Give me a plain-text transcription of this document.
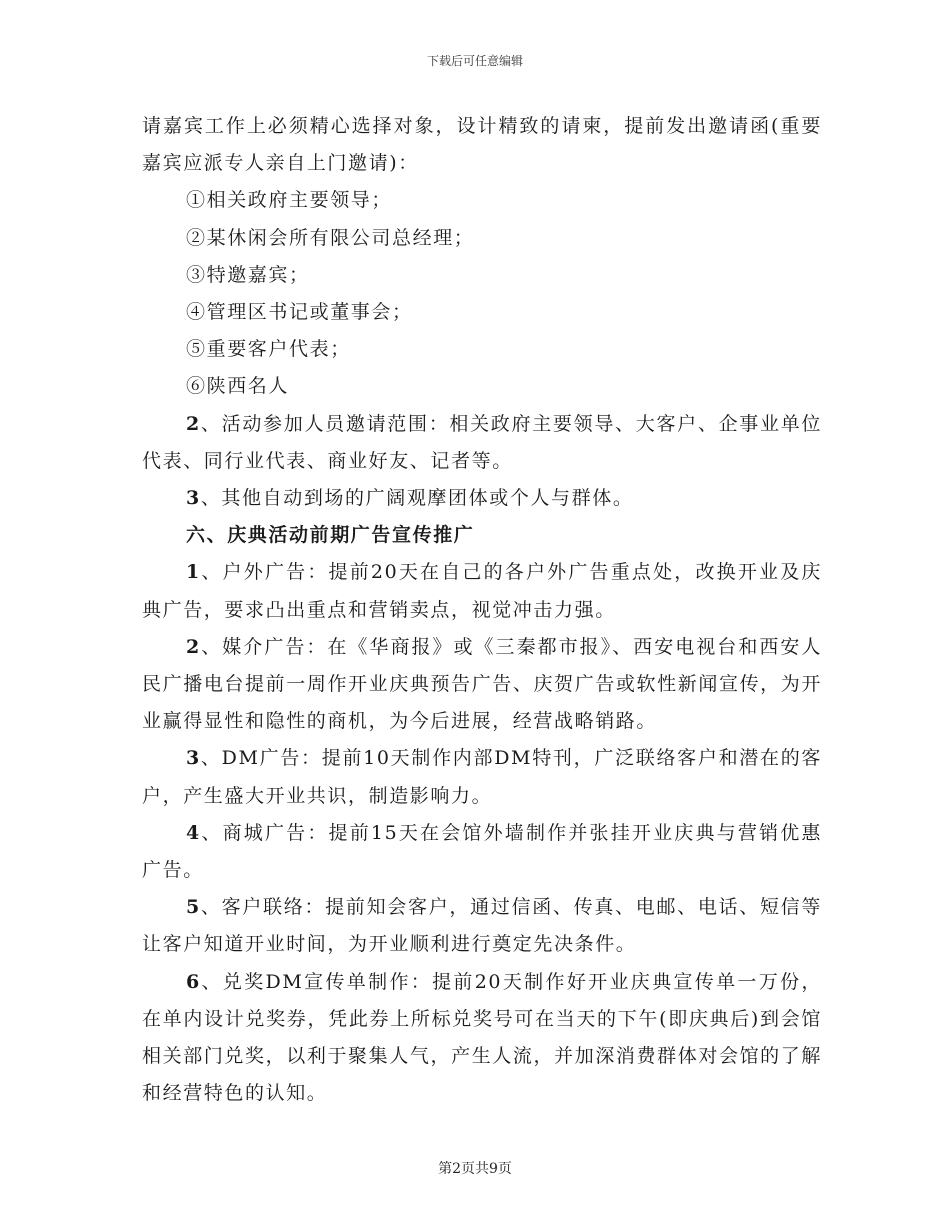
下载后可任意编辑

请嘉宾工作上必须精心选择对象，设计精致的请柬，提前发出邀请函(重要嘉宾应派专人亲自上门邀请)：

①相关政府主要领导；

②某休闲会所有限公司总经理；

③特邀嘉宾；

④管理区书记或董事会；

⑤重要客户代表；

⑥陕西名人

2、活动参加人员邀请范围：相关政府主要领导、大客户、企事业单位代表、同行业代表、商业好友、记者等。

3、其他自动到场的广阔观摩团体或个人与群体。

六、庆典活动前期广告宣传推广

1、户外广告：提前20天在自己的各户外广告重点处，改换开业及庆典广告，要求凸出重点和营销卖点，视觉冲击力强。

2、媒介广告：在《华商报》或《三秦都市报》、西安电视台和西安人民广播电台提前一周作开业庆典预告广告、庆贺广告或软性新闻宣传，为开业赢得显性和隐性的商机，为今后进展，经营战略销路。

3、DM广告：提前10天制作内部DM特刊，广泛联络客户和潜在的客户，产生盛大开业共识，制造影响力。

4、商城广告：提前15天在会馆外墙制作并张挂开业庆典与营销优惠广告。

5、客户联络：提前知会客户，通过信函、传真、电邮、电话、短信等让客户知道开业时间，为开业顺利进行奠定先决条件。

6、兑奖DM宣传单制作：提前20天制作好开业庆典宣传单一万份，在单内设计兑奖券，凭此券上所标兑奖号可在当天的下午(即庆典后)到会馆相关部门兑奖，以利于聚集人气，产生人流，并加深消费群体对会馆的了解和经营特色的认知。

第2页共9页
